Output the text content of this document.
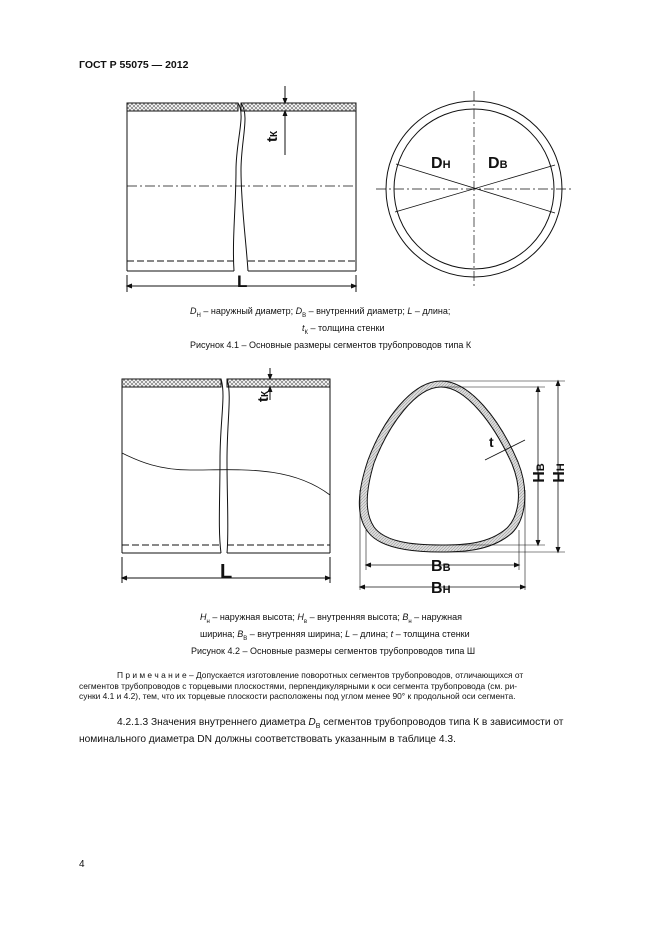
ГОСТ Р 55075 — 2012
tК
L
DН DВ
$D_Н$ – наружный диаметр; $D_В$ – внутренний диаметр; L – длина;
$t_К$ – толщина стенки
Рисунок 4.1 – Основные размеры сегментов трубопроводов типа К
tК
L
t
HВ
HН
BВ
BН
$H_н$ – наружная высота; $H_в$ – внутренняя высота; $B_н$ – наружная
ширина; $B_В$ – внутренняя ширина; L – длина; t – толщина стенки
Рисунок 4.2 – Основные размеры сегментов трубопроводов типа Ш
П р и м е ч а н и е – Допускается изготовление поворотных сегментов трубопроводов, отличающихся от
сегментов трубопроводов с торцевыми плоскостями, перпендикулярными к оси сегмента трубопровода (см. ри-
сунки 4.1 и 4.2), тем, что их торцевые плоскости расположены под углом менее 90° к продольной оси сегмента.
4.2.1.3 Значения внутреннего диаметра $D_В$ сегментов трубопроводов типа К в зависимости от
номинального диаметра DN должны соответствовать указанным в таблице 4.3.
4
